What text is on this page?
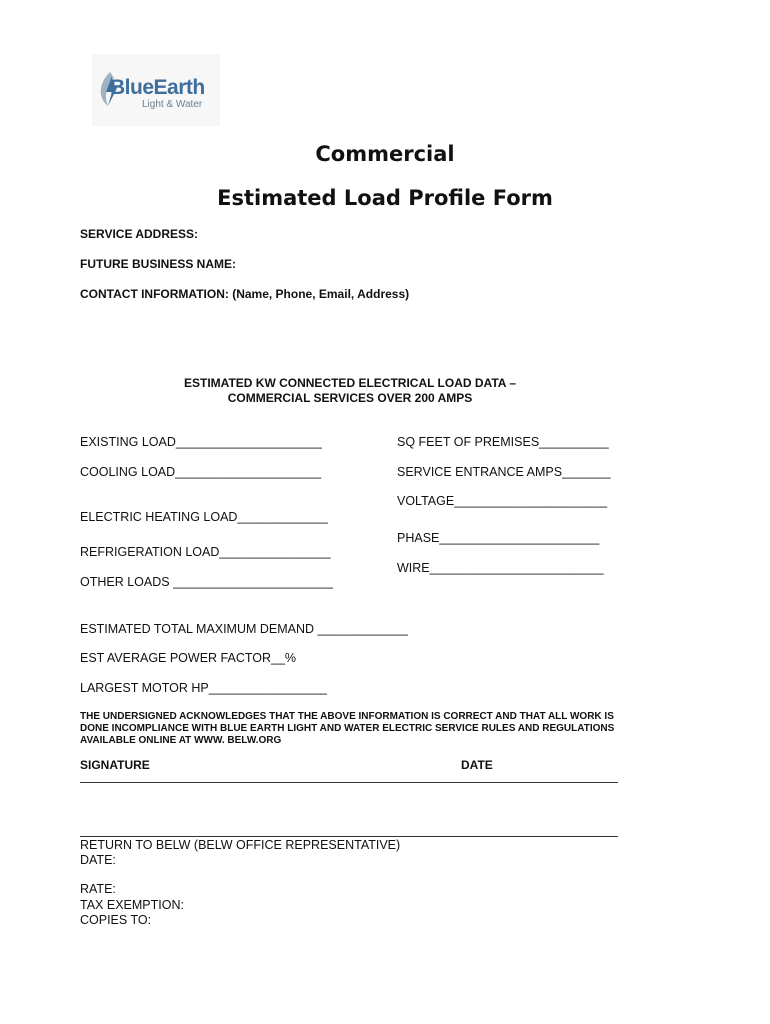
BlueEarth
Light & Water
Commercial
Estimated Load Profile Form
SERVICE ADDRESS:
FUTURE BUSINESS NAME:
CONTACT INFORMATION: (Name, Phone, Email, Address)
ESTIMATED KW CONNECTED ELECTRICAL LOAD DATA –
COMMERCIAL SERVICES OVER 200 AMPS
EXISTING LOAD_____________________
COOLING LOAD_____________________
ELECTRIC HEATING LOAD_____________
REFRIGERATION LOAD________________
OTHER LOADS _______________________
SQ FEET OF PREMISES__________
SERVICE ENTRANCE AMPS_______
VOLTAGE______________________
PHASE_______________________
WIRE_________________________
ESTIMATED TOTAL MAXIMUM DEMAND _____________
EST AVERAGE POWER FACTOR__%
LARGEST MOTOR HP_________________
THE UNDERSIGNED ACKNOWLEDGES THAT THE ABOVE INFORMATION IS CORRECT AND THAT ALL WORK IS DONE INCOMPLIANCE WITH BLUE EARTH LIGHT AND WATER ELECTRIC SERVICE RULES AND REGULATIONS AVAILABLE ONLINE AT WWW. BELW.ORG
SIGNATURE	DATE
RETURN TO BELW (BELW OFFICE REPRESENTATIVE)
DATE:
RATE:
TAX EXEMPTION:
COPIES TO:
